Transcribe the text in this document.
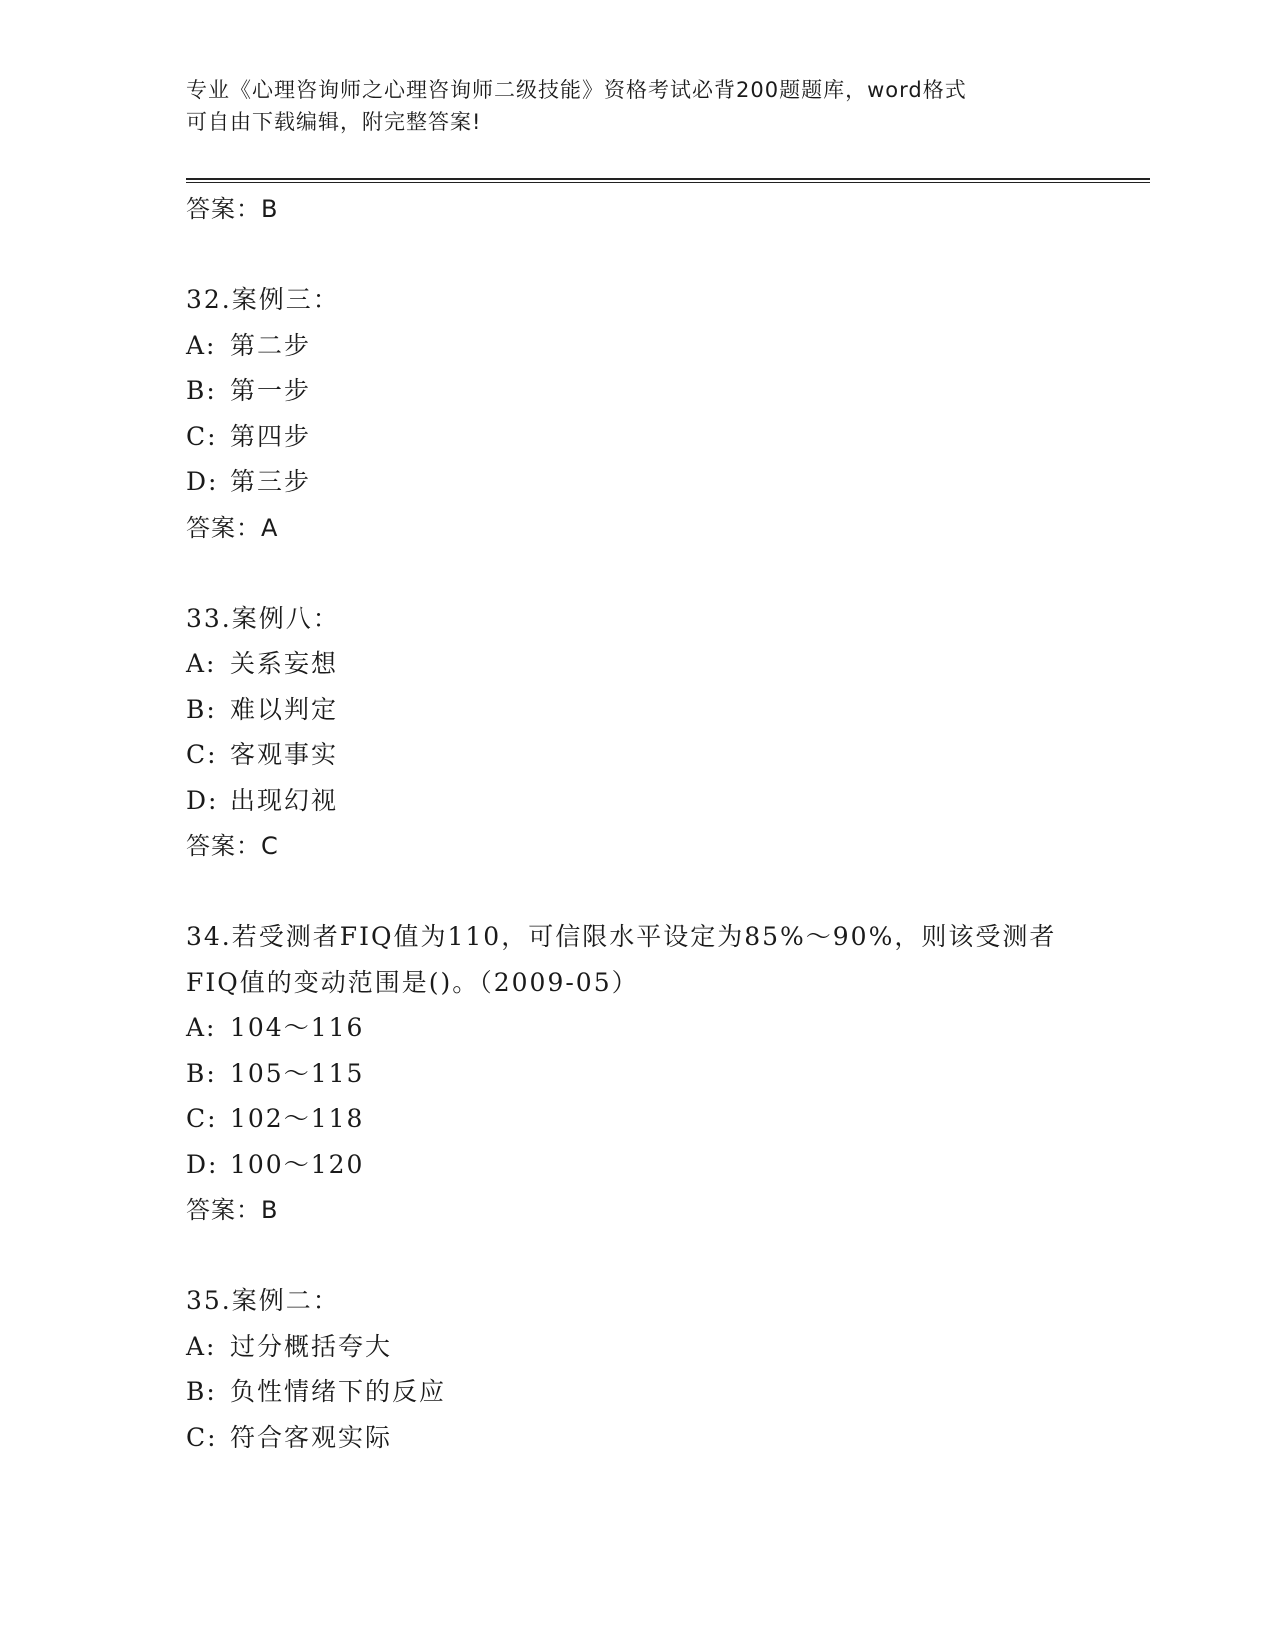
专业《心理咨询师之心理咨询师二级技能》资格考试必背200题题库，word格式
可自由下载编辑，附完整答案!
答案：B
32.案例三：
A: 第二步
B: 第一步
C: 第四步
D: 第三步
答案：A
33.案例八：
A: 关系妄想
B: 难以判定
C: 客观事实
D: 出现幻视
答案：C
34.若受测者FIQ值为110，可信限水平设定为85%～90%，则该受测者FIQ值的变动范围是()。（2009-05）
A: 104～116
B: 105～115
C: 102～118
D: 100～120
答案：B
35.案例二：
A: 过分概括夸大
B: 负性情绪下的反应
C: 符合客观实际
